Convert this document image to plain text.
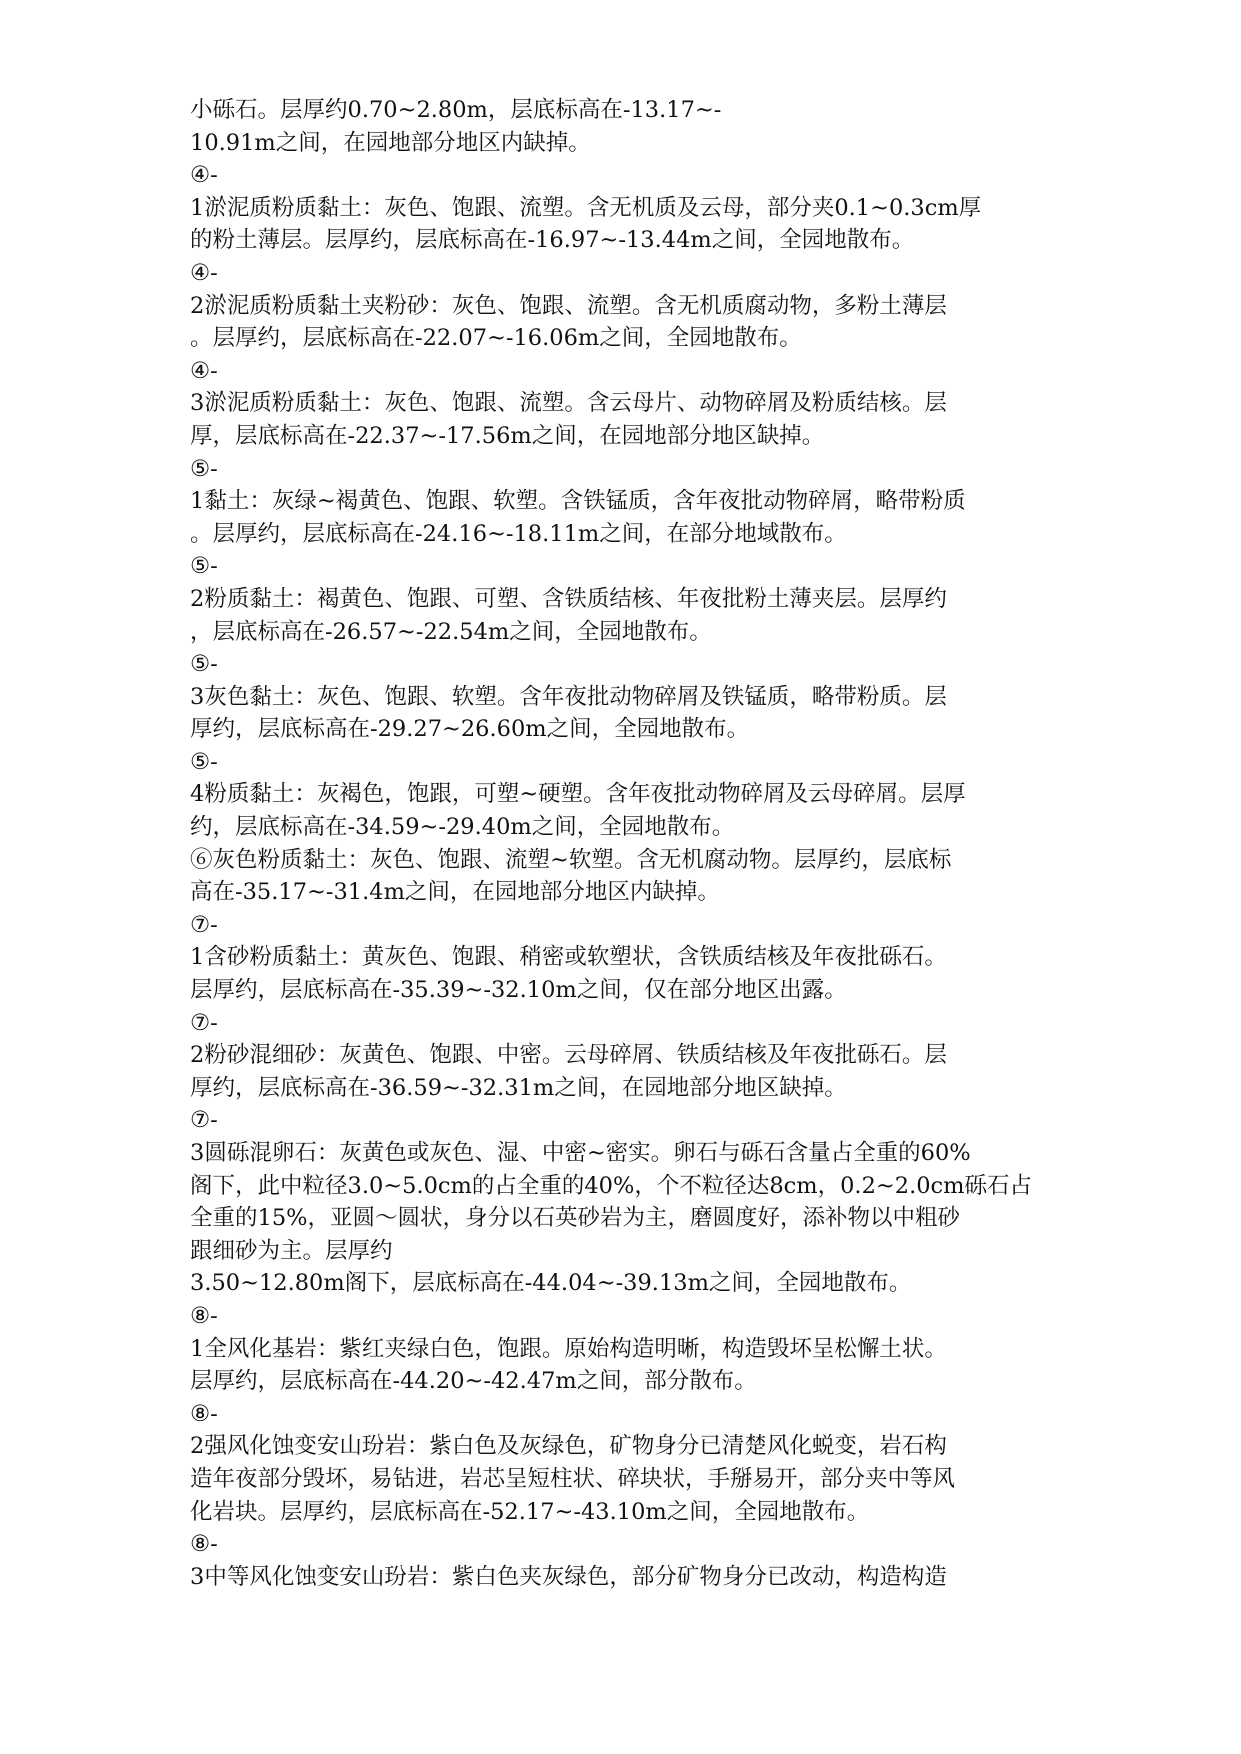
小砾石。层厚约0.70~2.80m，层底标高在-13.17~-
10.91m之间，在园地部分地区内缺掉。
④-
1淤泥质粉质黏土：灰色、饱跟、流塑。含无机质及云母，部分夹0.1~0.3cm厚
的粉土薄层。层厚约，层底标高在-16.97~-13.44m之间，全园地散布。
④-
2淤泥质粉质黏土夹粉砂：灰色、饱跟、流塑。含无机质腐动物，多粉土薄层
。层厚约，层底标高在-22.07~-16.06m之间，全园地散布。
④-
3淤泥质粉质黏土：灰色、饱跟、流塑。含云母片、动物碎屑及粉质结核。层
厚，层底标高在-22.37~-17.56m之间，在园地部分地区缺掉。
⑤-
1黏土：灰绿~褐黄色、饱跟、软塑。含铁锰质，含年夜批动物碎屑，略带粉质
。层厚约，层底标高在-24.16~-18.11m之间，在部分地域散布。
⑤-
2粉质黏土：褐黄色、饱跟、可塑、含铁质结核、年夜批粉土薄夹层。层厚约
，层底标高在-26.57~-22.54m之间，全园地散布。
⑤-
3灰色黏土：灰色、饱跟、软塑。含年夜批动物碎屑及铁锰质，略带粉质。层
厚约，层底标高在-29.27~26.60m之间，全园地散布。
⑤-
4粉质黏土：灰褐色，饱跟，可塑~硬塑。含年夜批动物碎屑及云母碎屑。层厚
约，层底标高在-34.59~-29.40m之间，全园地散布。
⑥灰色粉质黏土：灰色、饱跟、流塑~软塑。含无机腐动物。层厚约，层底标
高在-35.17~-31.4m之间，在园地部分地区内缺掉。
⑦-
1含砂粉质黏土：黄灰色、饱跟、稍密或软塑状，含铁质结核及年夜批砾石。
层厚约，层底标高在-35.39~-32.10m之间，仅在部分地区出露。
⑦-
2粉砂混细砂：灰黄色、饱跟、中密。云母碎屑、铁质结核及年夜批砾石。层
厚约，层底标高在-36.59~-32.31m之间，在园地部分地区缺掉。
⑦-
3圆砾混卵石：灰黄色或灰色、湿、中密~密实。卵石与砾石含量占全重的60%
阁下，此中粒径3.0~5.0cm的占全重的40%，个不粒径达8cm，0.2~2.0cm砾石占
全重的15%，亚圆～圆状，身分以石英砂岩为主，磨圆度好，添补物以中粗砂
跟细砂为主。层厚约
3.50~12.80m阁下，层底标高在-44.04~-39.13m之间，全园地散布。
⑧-
1全风化基岩：紫红夹绿白色，饱跟。原始构造明晰，构造毁坏呈松懈土状。
层厚约，层底标高在-44.20~-42.47m之间，部分散布。
⑧-
2强风化蚀变安山玢岩：紫白色及灰绿色，矿物身分已清楚风化蜕变，岩石构
造年夜部分毁坏，易钻进，岩芯呈短柱状、碎块状，手掰易开，部分夹中等风
化岩块。层厚约，层底标高在-52.17~-43.10m之间，全园地散布。
⑧-
3中等风化蚀变安山玢岩：紫白色夹灰绿色，部分矿物身分已改动，构造构造
